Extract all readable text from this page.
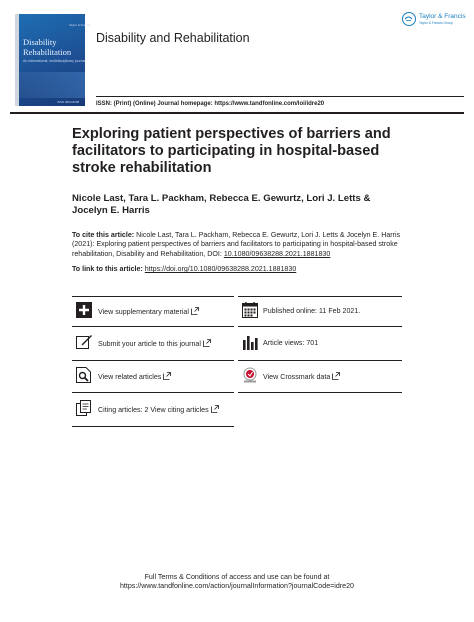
Taylor & Francis
Disability
Rehabilitation
An international, multidisciplinary journal
ISSN 0963-8288
Disability and Rehabilitation
Taylor & Francis
Taylor & Francis Group
ISSN: (Print) (Online) Journal homepage: https://www.tandfonline.com/loi/idre20
Exploring patient perspectives of barriers and facilitators to participating in hospital-based stroke rehabilitation
Nicole Last, Tara L. Packham, Rebecca E. Gewurtz, Lori J. Letts & Jocelyn E. Harris
To cite this article: Nicole Last, Tara L. Packham, Rebecca E. Gewurtz, Lori J. Letts & Jocelyn E. Harris (2021): Exploring patient perspectives of barriers and facilitators to participating in hospital-based stroke rehabilitation, Disability and Rehabilitation, DOI: 10.1080/09638288.2021.1881830
To link to this article: https://doi.org/10.1080/09638288.2021.1881830
View supplementary material	Published online: 11 Feb 2021.
Submit your article to this journal	Article views: 701
View related articles	View Crossmark data
Citing articles: 2 View citing articles
Full Terms & Conditions of access and use can be found at
https://www.tandfonline.com/action/journalInformation?journalCode=idre20
